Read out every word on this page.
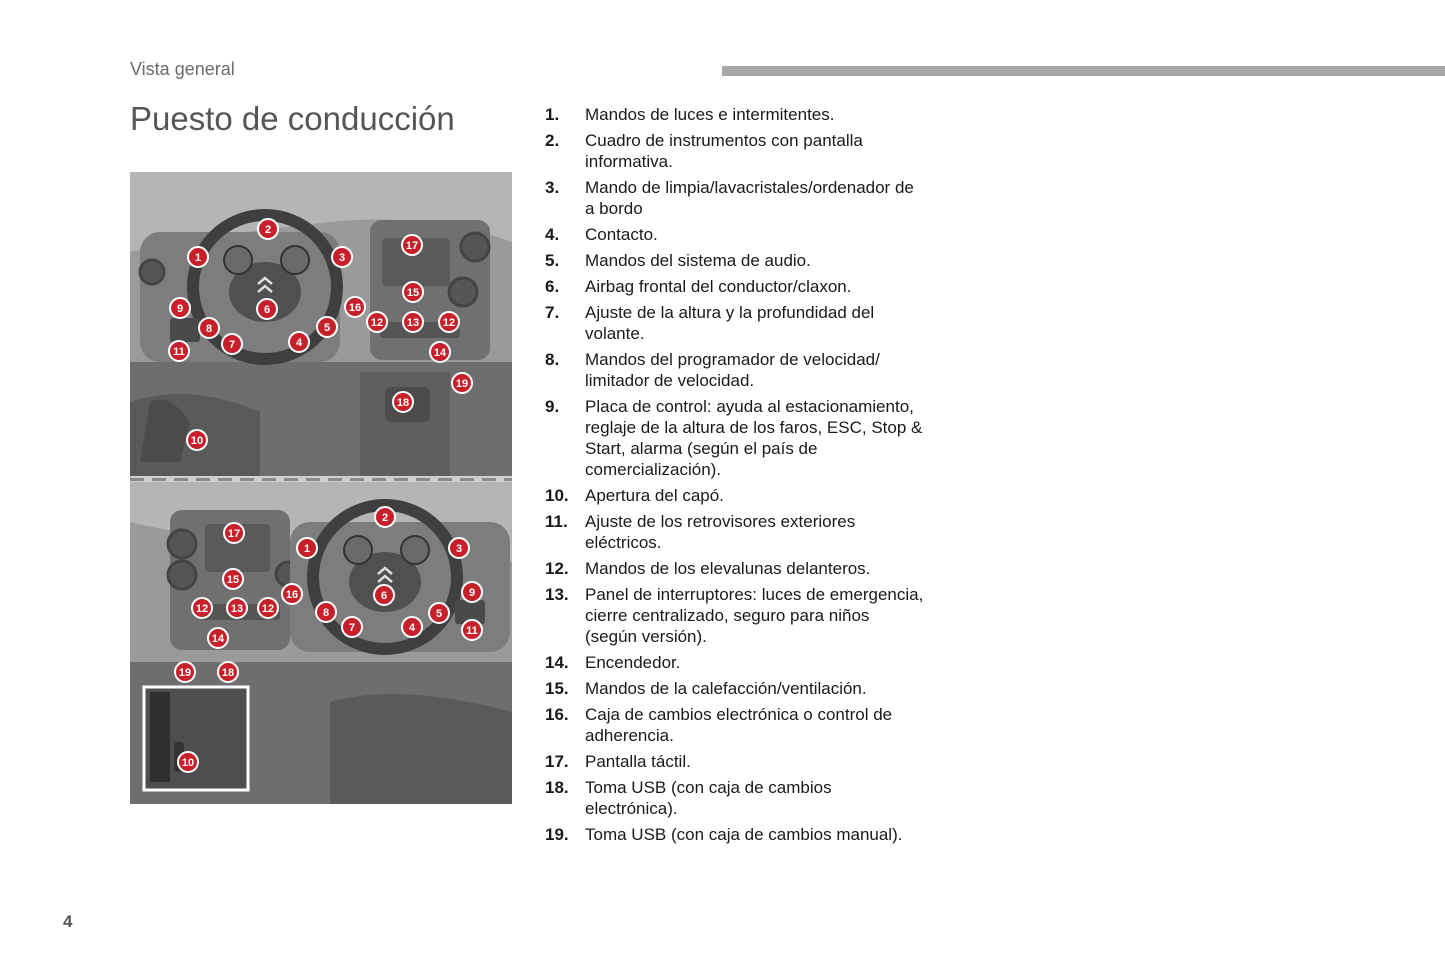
Vista general
Puesto de conducción
1
2
3
4
5
6
7
8
9
10
11
12	12
13
14
15
16
17
18
19
1
2
3
4
5
6
7
8
9
10
11
12	12
13
14
15
16
17
18
19
1.	Mandos de luces e intermitentes.
2.	Cuadro de instrumentos con pantalla informativa.
3.	Mando de limpia/lavacristales/ordenador de a bordo
4.	Contacto.
5.	Mandos del sistema de audio.
6.	Airbag frontal del conductor/claxon.
7.	Ajuste de la altura y la profundidad del volante.
8.	Mandos del programador de velocidad/ limitador de velocidad.
9.	Placa de control: ayuda al estacionamiento, reglaje de la altura de los faros, ESC, Stop & Start, alarma (según el país de comercialización).
10. Apertura del capó.
11.	Ajuste de los retrovisores exteriores eléctricos.
12. Mandos de los elevalunas delanteros.
13. Panel de interruptores: luces de emergencia, cierre centralizado, seguro para niños (según versión).
14. Encendedor.
15. Mandos de la calefacción/ventilación.
16. Caja de cambios electrónica o control de adherencia.
17. Pantalla táctil.
18. Toma USB (con caja de cambios electrónica).
19. Toma USB (con caja de cambios manual).
4
